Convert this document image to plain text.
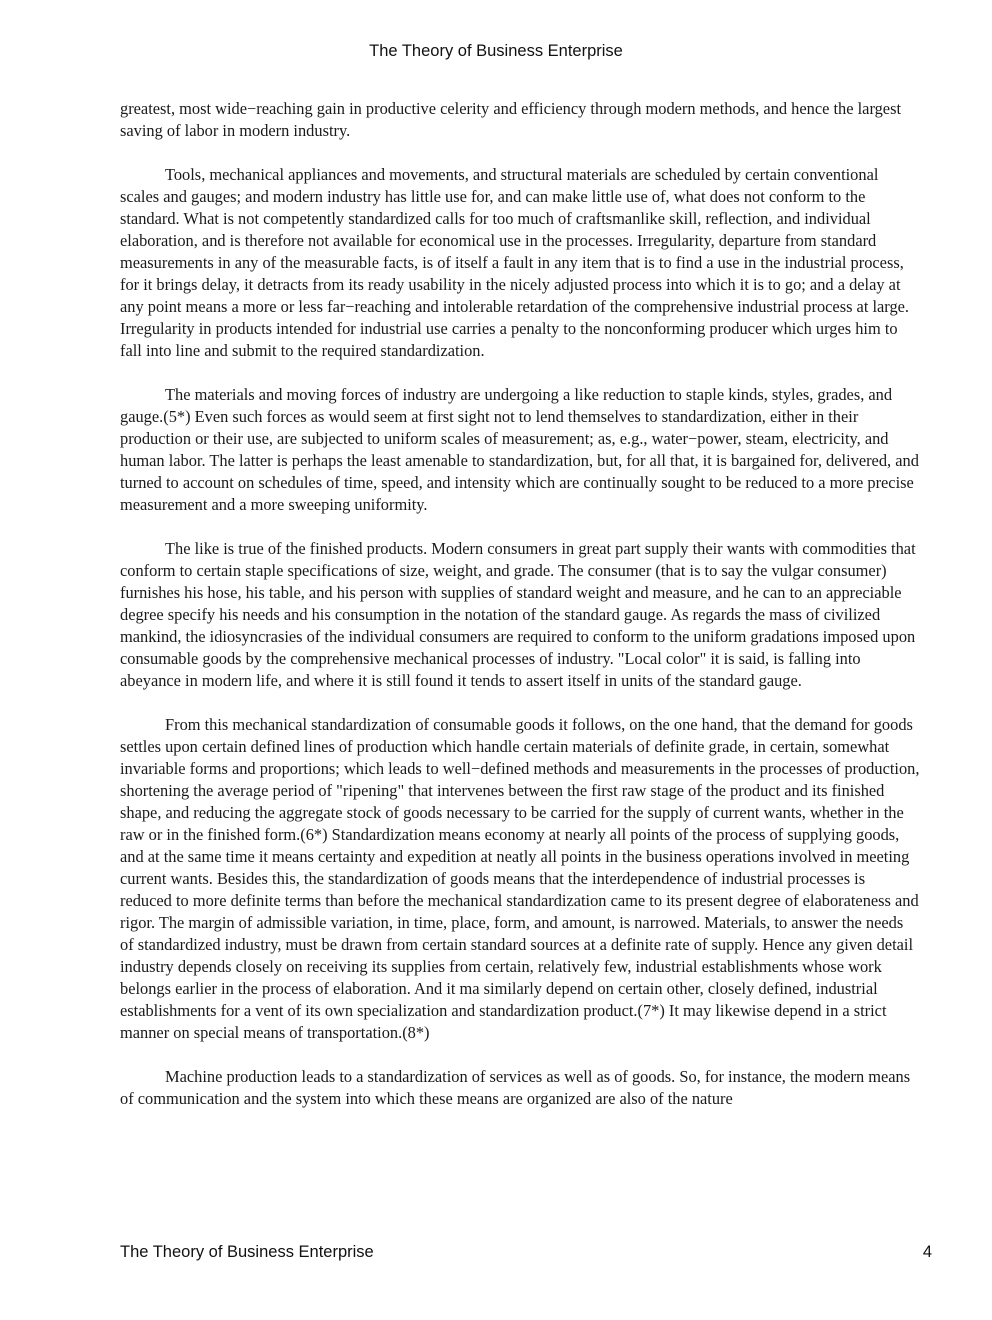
The Theory of Business Enterprise

greatest, most wide−reaching gain in productive celerity and efficiency through modern methods, and hence the largest saving of labor in modern industry.

Tools, mechanical appliances and movements, and structural materials are scheduled by certain conventional scales and gauges; and modern industry has little use for, and can make little use of, what does not conform to the standard. What is not competently standardized calls for too much of craftsmanlike skill, reflection, and individual elaboration, and is therefore not available for economical use in the processes. Irregularity, departure from standard measurements in any of the measurable facts, is of itself a fault in any item that is to find a use in the industrial process, for it brings delay, it detracts from its ready usability in the nicely adjusted process into which it is to go; and a delay at any point means a more or less far−reaching and intolerable retardation of the comprehensive industrial process at large. Irregularity in products intended for industrial use carries a penalty to the nonconforming producer which urges him to fall into line and submit to the required standardization.

The materials and moving forces of industry are undergoing a like reduction to staple kinds, styles, grades, and gauge.(5*) Even such forces as would seem at first sight not to lend themselves to standardization, either in their production or their use, are subjected to uniform scales of measurement; as, e.g., water−power, steam, electricity, and human labor. The latter is perhaps the least amenable to standardization, but, for all that, it is bargained for, delivered, and turned to account on schedules of time, speed, and intensity which are continually sought to be reduced to a more precise measurement and a more sweeping uniformity.

The like is true of the finished products. Modern consumers in great part supply their wants with commodities that conform to certain staple specifications of size, weight, and grade. The consumer (that is to say the vulgar consumer) furnishes his hose, his table, and his person with supplies of standard weight and measure, and he can to an appreciable degree specify his needs and his consumption in the notation of the standard gauge. As regards the mass of civilized mankind, the idiosyncrasies of the individual consumers are required to conform to the uniform gradations imposed upon consumable goods by the comprehensive mechanical processes of industry. "Local color" it is said, is falling into abeyance in modern life, and where it is still found it tends to assert itself in units of the standard gauge.

From this mechanical standardization of consumable goods it follows, on the one hand, that the demand for goods settles upon certain defined lines of production which handle certain materials of definite grade, in certain, somewhat invariable forms and proportions; which leads to well−defined methods and measurements in the processes of production, shortening the average period of "ripening" that intervenes between the first raw stage of the product and its finished shape, and reducing the aggregate stock of goods necessary to be carried for the supply of current wants, whether in the raw or in the finished form.(6*) Standardization means economy at nearly all points of the process of supplying goods, and at the same time it means certainty and expedition at neatly all points in the business operations involved in meeting current wants. Besides this, the standardization of goods means that the interdependence of industrial processes is reduced to more definite terms than before the mechanical standardization came to its present degree of elaborateness and rigor. The margin of admissible variation, in time, place, form, and amount, is narrowed. Materials, to answer the needs of standardized industry, must be drawn from certain standard sources at a definite rate of supply. Hence any given detail industry depends closely on receiving its supplies from certain, relatively few, industrial establishments whose work belongs earlier in the process of elaboration. And it ma similarly depend on certain other, closely defined, industrial establishments for a vent of its own specialization and standardization product.(7*) It may likewise depend in a strict manner on special means of transportation.(8*)

Machine production leads to a standardization of services as well as of goods. So, for instance, the modern means of communication and the system into which these means are organized are also of the nature

The Theory of Business Enterprise	4
